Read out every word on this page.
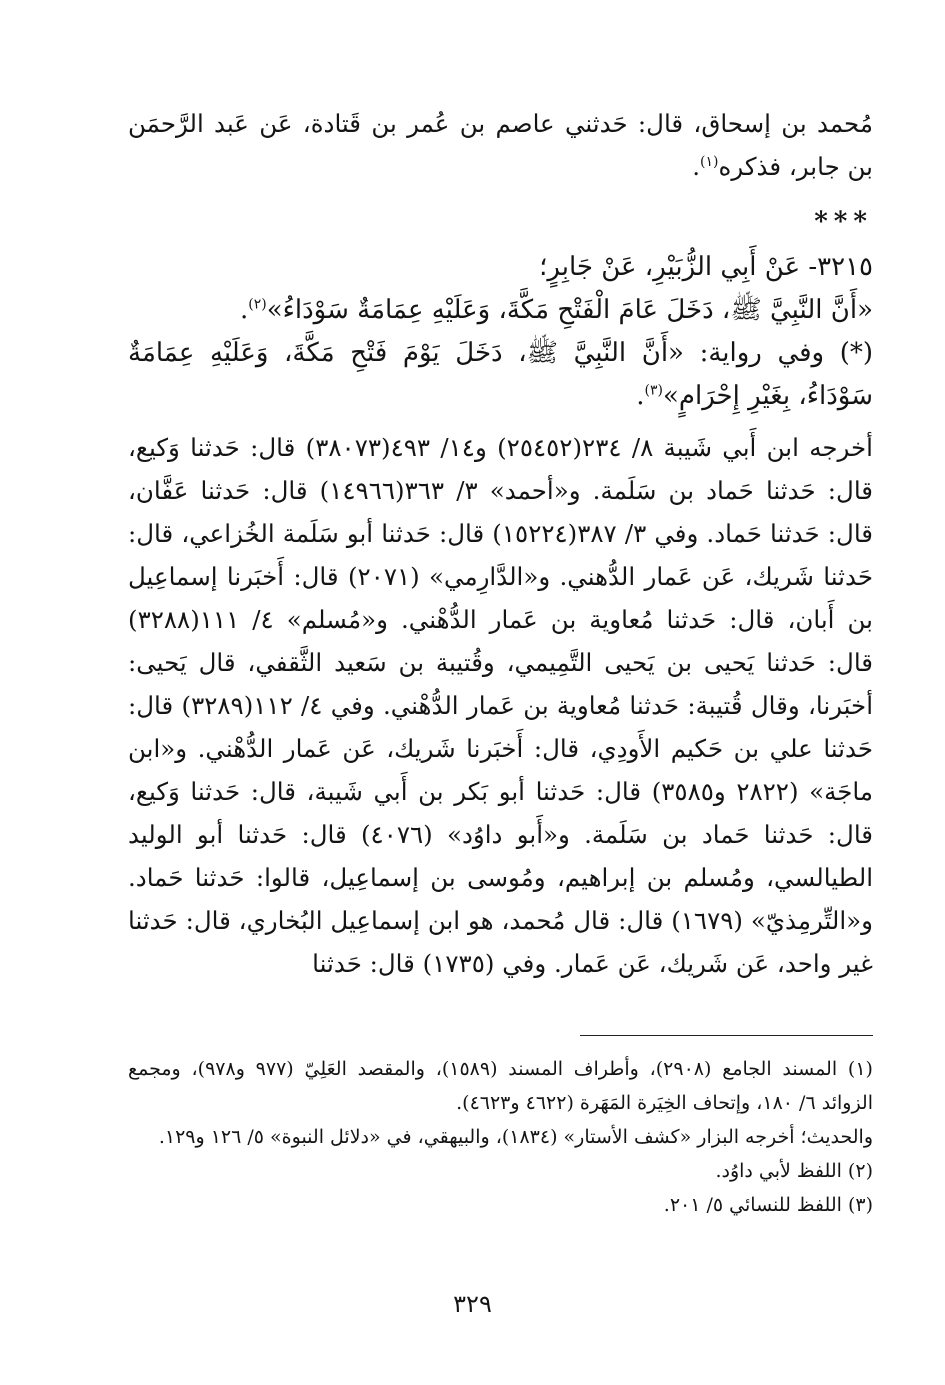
مُحمد بن إسحاق، قال: حَدثني عاصم بن عُمر بن قَتادة، عَن عَبد الرَّحمَن بن جابر، فذكره$^{(١)}$.

***

٣٢١٥- عَنْ أَبِي الزُّبَيْرِ، عَنْ جَابِرٍ؛

«أَنَّ النَّبِيَّ ﷺ، دَخَلَ عَامَ الْفَتْحِ مَكَّةَ، وَعَلَيْهِ عِمَامَةٌ سَوْدَاءُ»$^{(٢)}$.

(*) وفي رواية: «أَنَّ النَّبِيَّ ﷺ، دَخَلَ يَوْمَ فَتْحِ مَكَّةَ، وَعَلَيْهِ عِمَامَةٌ سَوْدَاءُ، بِغَيْرِ إِحْرَامٍ»$^{(٣)}$.

أخرجه ابن أَبي شَيبة ٨/ ٢٣٤(٢٥٤٥٢) و١٤/ ٤٩٣(٣٨٠٧٣) قال: حَدثنا وَكيع، قال: حَدثنا حَماد بن سَلَمة. و«أحمد» ٣/ ٣٦٣(١٤٩٦٦) قال: حَدثنا عَفَّان، قال: حَدثنا حَماد. وفي ٣/ ٣٨٧(١٥٢٢٤) قال: حَدثنا أبو سَلَمة الخُزاعي، قال: حَدثنا شَريك، عَن عَمار الدُّهني. و«الدَّارِمي» (٢٠٧١) قال: أَخبَرنا إسماعِيل بن أَبان، قال: حَدثنا مُعاوية بن عَمار الدُّهْني. و«مُسلم» ٤/ ١١١(٣٢٨٨) قال: حَدثنا يَحيى بن يَحيى التَّمِيمي، وقُتيبة بن سَعيد الثَّقفي، قال يَحيى: أخبَرنا، وقال قُتيبة: حَدثنا مُعاوية بن عَمار الدُّهْني. وفي ٤/ ١١٢(٣٢٨٩) قال: حَدثنا علي بن حَكيم الأَودِي، قال: أَخبَرنا شَريك، عَن عَمار الدُّهْني. و«ابن ماجَة» (٢٨٢٢ و٣٥٨٥) قال: حَدثنا أبو بَكر بن أَبي شَيبة، قال: حَدثنا وَكيع، قال: حَدثنا حَماد بن سَلَمة. و«أَبو داوُد» (٤٠٧٦) قال: حَدثنا أبو الوليد الطيالسي، ومُسلم بن إبراهيم، ومُوسى بن إسماعِيل، قالوا: حَدثنا حَماد. و«التِّرمِذيّ» (١٦٧٩) قال: قال مُحمد، هو ابن إسماعِيل البُخاري، قال: حَدثنا غير واحد، عَن شَريك، عَن عَمار. وفي (١٧٣٥) قال: حَدثنا

(١) المسند الجامع (٢٩٠٨)، وأطراف المسند (١٥٨٩)، والمقصد العَلِيّ (٩٧٧ و٩٧٨)، ومجمع الزوائد ٦/ ١٨٠، وإتحاف الخِيَرة المَهَرة (٤٦٢٢ و٤٦٢٣).

والحديث؛ أخرجه البزار «كشف الأستار» (١٨٣٤)، والبيهقي، في «دلائل النبوة» ٥/ ١٢٦ و١٢٩.

(٢) اللفظ لأبي داوُد.

(٣) اللفظ للنسائي ٥/ ٢٠١.

٣٢٩
